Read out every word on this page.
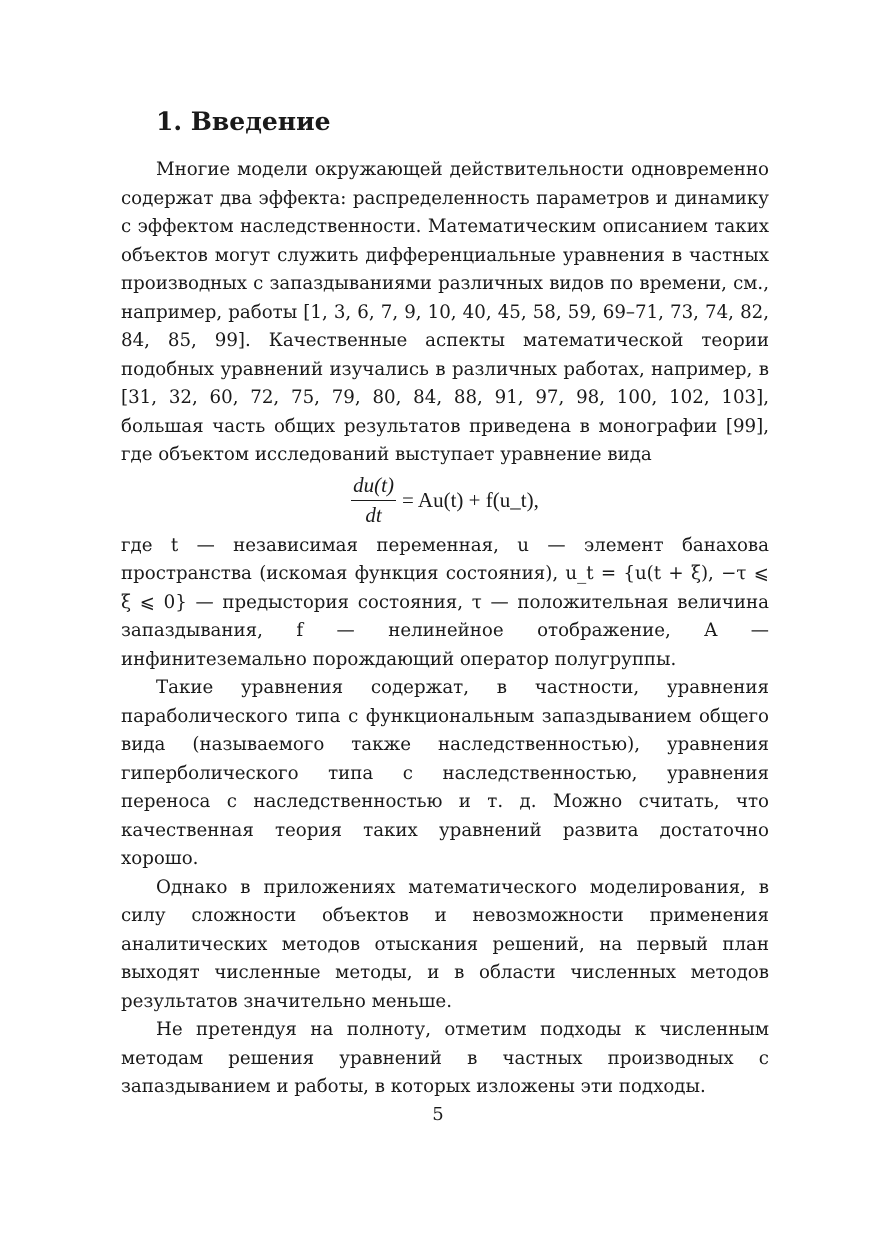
1. Введение

Многие модели окружающей действительности одновременно содержат два эффекта: распределенность параметров и динамику с эффектом наследственности. Математическим описанием таких объектов могут служить дифференциальные уравнения в частных производных с запаздываниями различных видов по времени, см., например, работы [1, 3, 6, 7, 9, 10, 40, 45, 58, 59, 69–71, 73, 74, 82, 84, 85, 99]. Качественные аспекты математической теории подобных уравнений изучались в различных работах, например, в [31, 32, 60, 72, 75, 79, 80, 84, 88, 91, 97, 98, 100, 102, 103], большая часть общих результатов приведена в монографии [99], где объектом исследований выступает уравнение вида

$\frac{du(t)}{dt} = Au(t)$ + f(u_t),

где t — независимая переменная, u — элемент банахова пространства (искомая функция состояния), u_t = {u(t + ξ), −τ ⩽ ξ ⩽ 0} — предыстория состояния, τ — положительная величина запаздывания, f — нелинейное отображение, A — инфинитеземально порождающий оператор полугруппы.

Такие уравнения содержат, в частности, уравнения параболического типа с функциональным запаздыванием общего вида (называемого также наследственностью), уравнения гиперболического типа с наследственностью, уравнения переноса с наследственностью и т. д. Можно считать, что качественная теория таких уравнений развита достаточно хорошо.

Однако в приложениях математического моделирования, в силу сложности объектов и невозможности применения аналитических методов отыскания решений, на первый план выходят численные методы, и в области численных методов результатов значительно меньше.

Не претендуя на полноту, отметим подходы к численным методам решения уравнений в частных производных с запаздыванием и работы, в которых изложены эти подходы.

5
